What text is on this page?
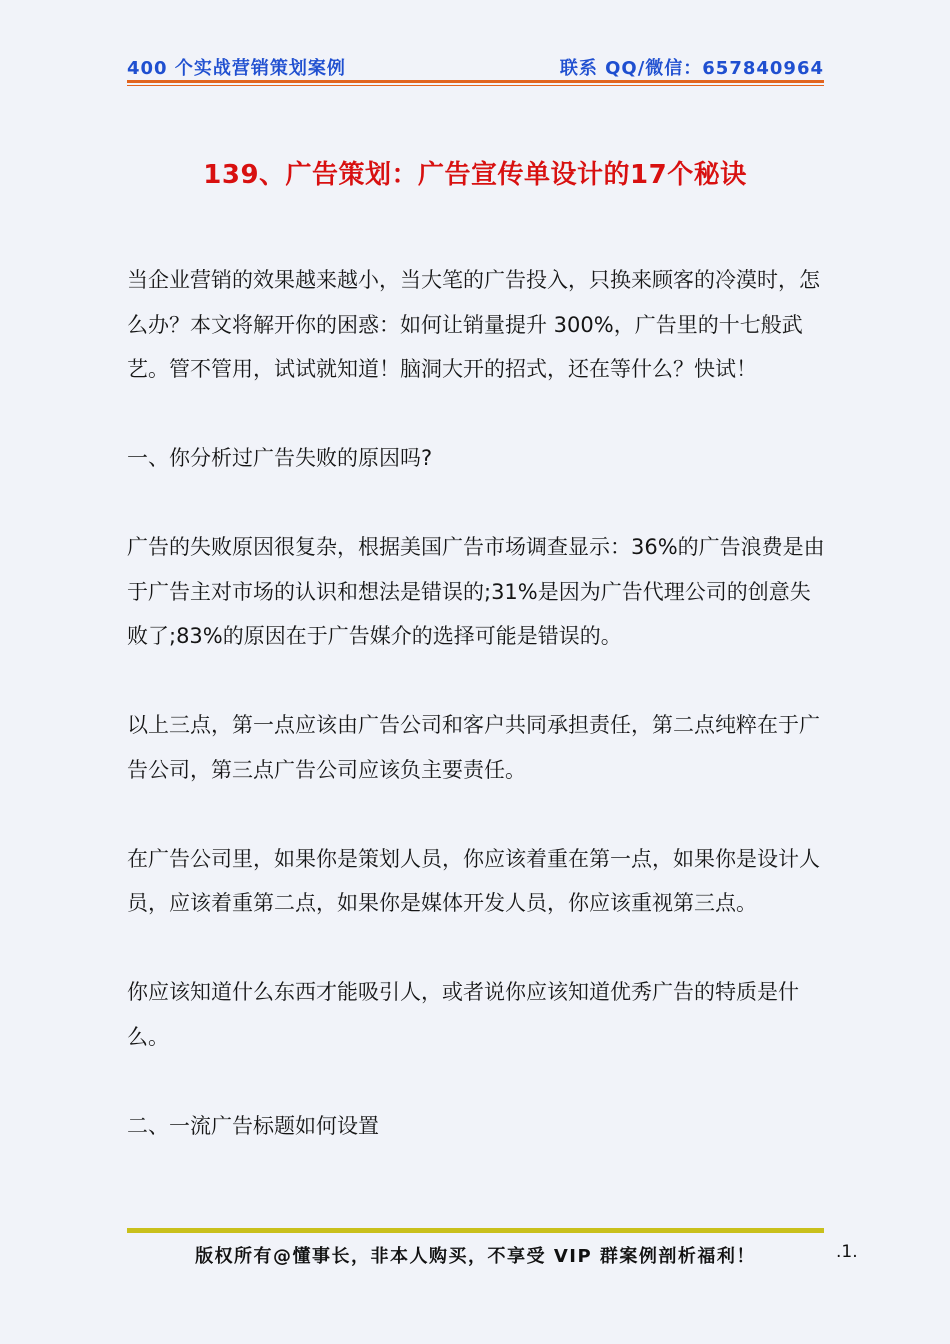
400 个实战营销策划案例	联系 QQ/微信：657840964
139、广告策划：广告宣传单设计的17个秘诀

当企业营销的效果越来越小，当大笔的广告投入，只换来顾客的冷漠时，怎么办？本文将解开你的困惑：如何让销量提升 300%，广告里的十七般武艺。管不管用，试试就知道！脑洞大开的招式，还在等什么？快试！

一、你分析过广告失败的原因吗?

广告的失败原因很复杂，根据美国广告市场调查显示：36%的广告浪费是由于广告主对市场的认识和想法是错误的;31%是因为广告代理公司的创意失败了;83%的原因在于广告媒介的选择可能是错误的。

以上三点，第一点应该由广告公司和客户共同承担责任，第二点纯粹在于广告公司，第三点广告公司应该负主要责任。

在广告公司里，如果你是策划人员，你应该着重在第一点，如果你是设计人员，应该着重第二点，如果你是媒体开发人员，你应该重视第三点。

你应该知道什么东西才能吸引人，或者说你应该知道优秀广告的特质是什么。

二、一流广告标题如何设置

版权所有@懂事长，非本人购买，不享受 VIP 群案例剖析福利！	.1.
